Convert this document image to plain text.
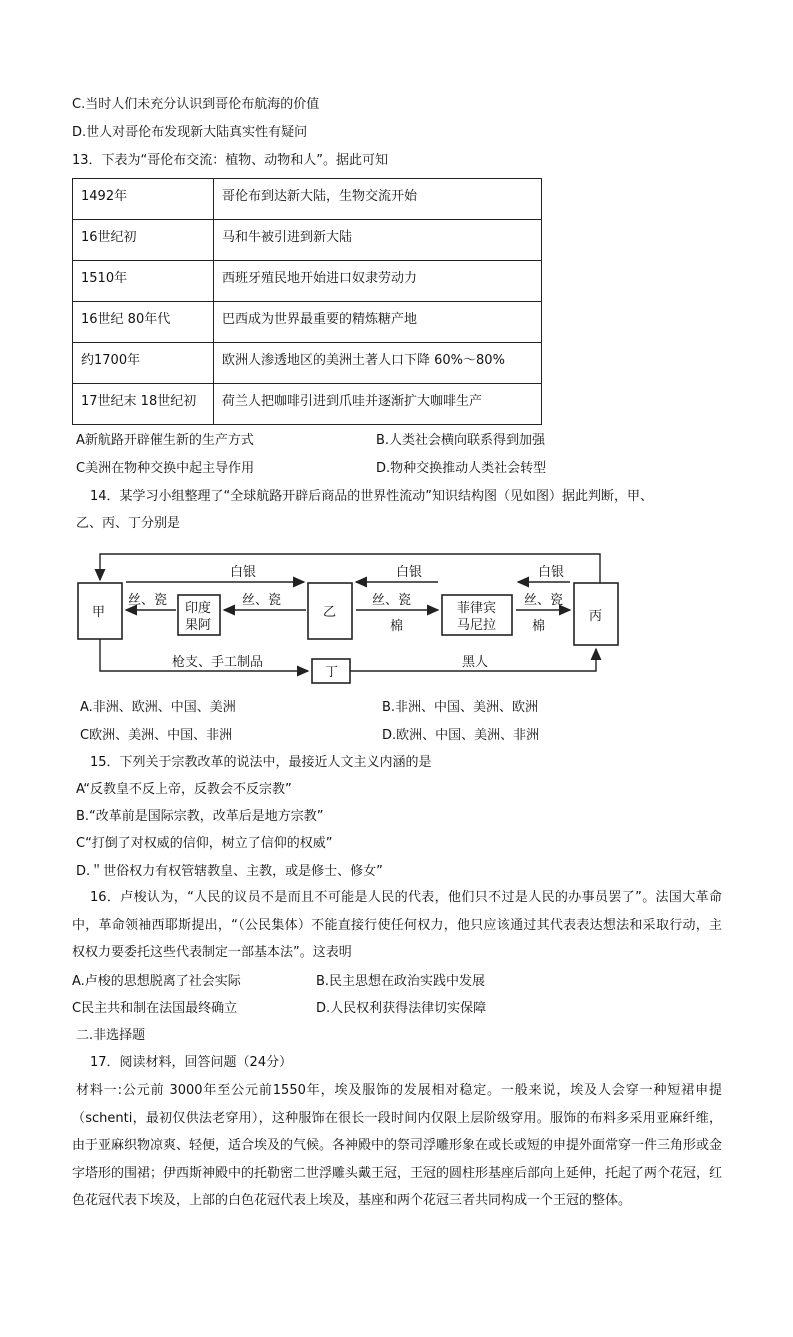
C.当时人们未充分认识到哥伦布航海的价值
D.世人对哥伦布发现新大陆真实性有疑问
13．下表为“哥伦布交流：植物、动物和人”。据此可知
1492年	哥伦布到达新大陆，生物交流开始
16世纪初	马和牛被引进到新大陆
1510年	西班牙殖民地开始进口奴隶劳动力
16世纪 80年代	巴西成为世界最重要的精炼糖产地
约1700年	欧洲人渗透地区的美洲土著人口下降 60%～80%
17世纪末 18世纪初	荷兰人把咖啡引进到爪哇并逐渐扩大咖啡生产
A新航路开辟催生新的生产方式	B.人类社会横向联系得到加强
C美洲在物种交换中起主导作用	D.物种交换推动人类社会转型
14．某学习小组整理了“全球航路开辟后商品的世界性流动”知识结构图（见如图）据此判断，甲、
乙、丙、丁分别是
甲	印度
果阿
乙	菲律宾
马尼拉
丙
丁
白银	白银	白银
丝、瓷	丝、瓷	丝、瓷	丝、瓷
棉	棉
枪支、手工制品	黑人
A.非洲、欧洲、中国、美洲	B.非洲、中国、美洲、欧洲
C欧洲、美洲、中国、非洲	D.欧洲、中国、美洲、非洲
15．下列关于宗教改革的说法中，最接近人文主义内涵的是
A“反教皇不反上帝，反教会不反宗教”
B.“改革前是国际宗教，改革后是地方宗教”
C“打倒了对权威的信仰，树立了信仰的权威”
D.＂世俗权力有权管辖教皇、主教，或是修士、修女”
16．卢梭认为，“人民的议员不是而且不可能是人民的代表，他们只不过是人民的办事员罢了”。法国大革命中，革命领袖西耶斯提出，“（公民集体）不能直接行使任何权力，他只应该通过其代表表达想法和采取行动，主权权力要委托这些代表制定一部基本法”。这表明
A.卢梭的思想脱离了社会实际	B.民主思想在政治实践中发展
C民主共和制在法国最终确立	D.人民权利获得法律切实保障
二.非选择题
17．阅读材料，回答问题（24分）
材料一:公元前 3000年至公元前1550年，埃及服饰的发展相对稳定。一般来说，埃及人会穿一种短裙申提（schenti，最初仅供法老穿用），这种服饰在很长一段时间内仅限上层阶级穿用。服饰的布料多采用亚麻纤维，由于亚麻织物凉爽、轻便，适合埃及的气候。各神殿中的祭司浮雕形象在或长或短的申提外面常穿一件三角形或金字塔形的围裙；伊西斯神殿中的托勒密二世浮雕头戴王冠，王冠的圆柱形基座后部向上延伸，托起了两个花冠，红色花冠代表下埃及，上部的白色花冠代表上埃及，基座和两个花冠三者共同构成一个王冠的整体。
